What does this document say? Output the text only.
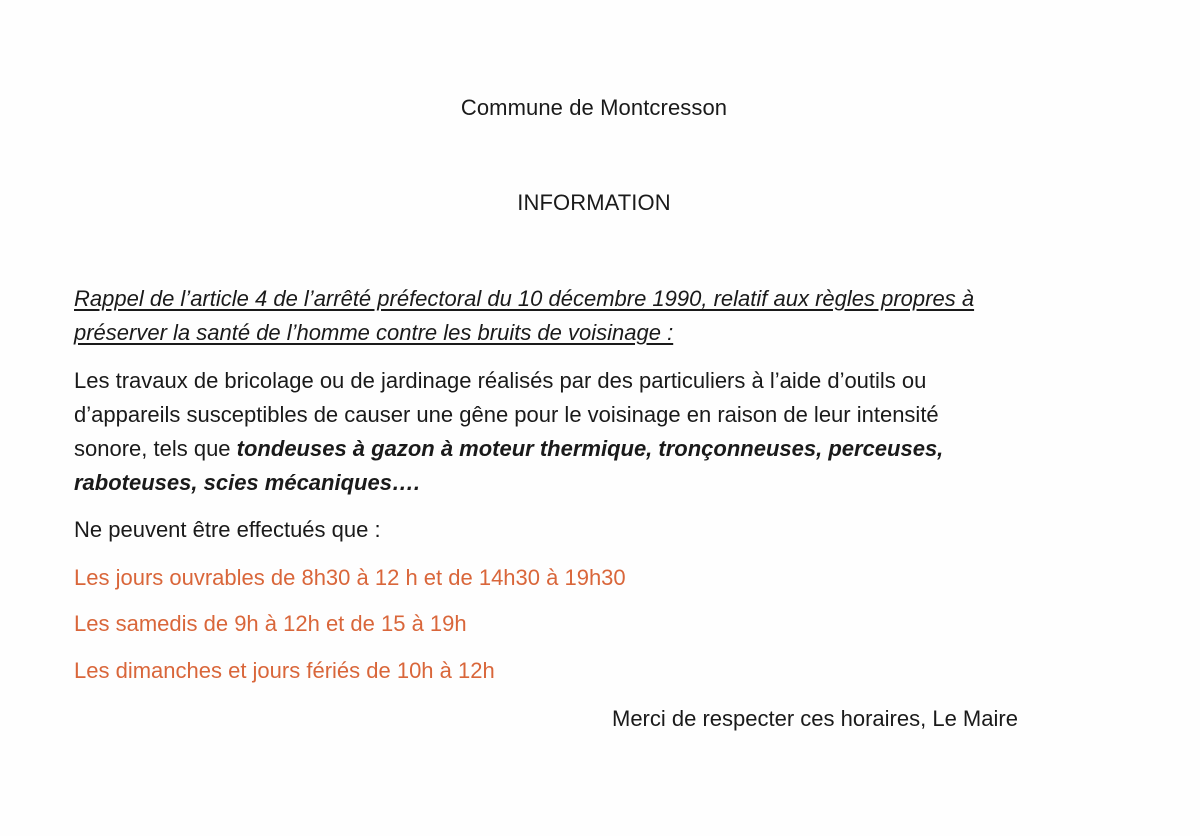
Commune de Montcresson
INFORMATION
Rappel de l’article 4 de l’arrêté préfectoral du 10 décembre 1990, relatif aux règles propres à
préserver la santé de l’homme contre les bruits de voisinage :
Les travaux de bricolage ou de jardinage réalisés par des particuliers à l’aide d’outils ou
d’appareils susceptibles de causer une gêne pour le voisinage en raison de leur intensité
sonore, tels que tondeuses à gazon à moteur thermique, tronçonneuses, perceuses,
raboteuses, scies mécaniques….
Ne peuvent être effectués que :
Les jours ouvrables de 8h30 à 12 h et de 14h30 à 19h30
Les samedis de 9h à 12h et de 15 à 19h
Les dimanches et jours fériés de 10h à 12h
Merci de respecter ces horaires, Le Maire
